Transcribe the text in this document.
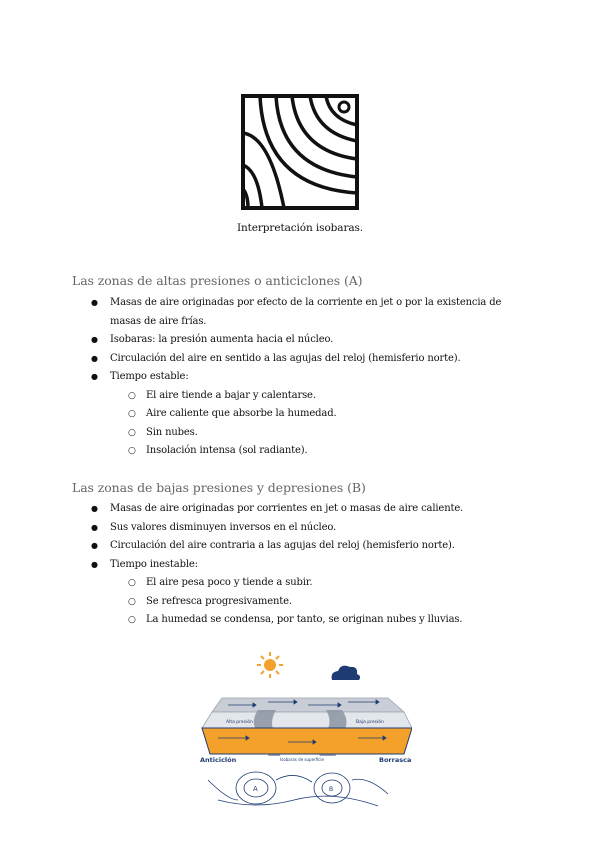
Interpretación isobaras.
Las zonas de altas presiones o anticiclones (A)
● Masas de aire originadas por efecto de la corriente en jet o por la existencia de masas de aire frías.
● Isobaras: la presión aumenta hacia el núcleo.
● Circulación del aire en sentido a las agujas del reloj (hemisferio norte).
● Tiempo estable:
○ El aire tiende a bajar y calentarse.
○ Aire caliente que absorbe la humedad.
○ Sin nubes.
○ Insolación intensa (sol radiante).
Las zonas de bajas presiones y depresiones (B)
● Masas de aire originadas por corrientes en jet o masas de aire caliente.
● Sus valores disminuyen inversos en el núcleo.
● Circulación del aire contraria a las agujas del reloj (hemisferio norte).
● Tiempo inestable:
○ El aire pesa poco y tiende a subir.
○ Se refresca progresivamente.
○ La humedad se condensa, por tanto, se originan nubes y lluvias.
Alta presión	Baja presión
Anticiclón	Borrasca
Isobaras de superficie
A	B
